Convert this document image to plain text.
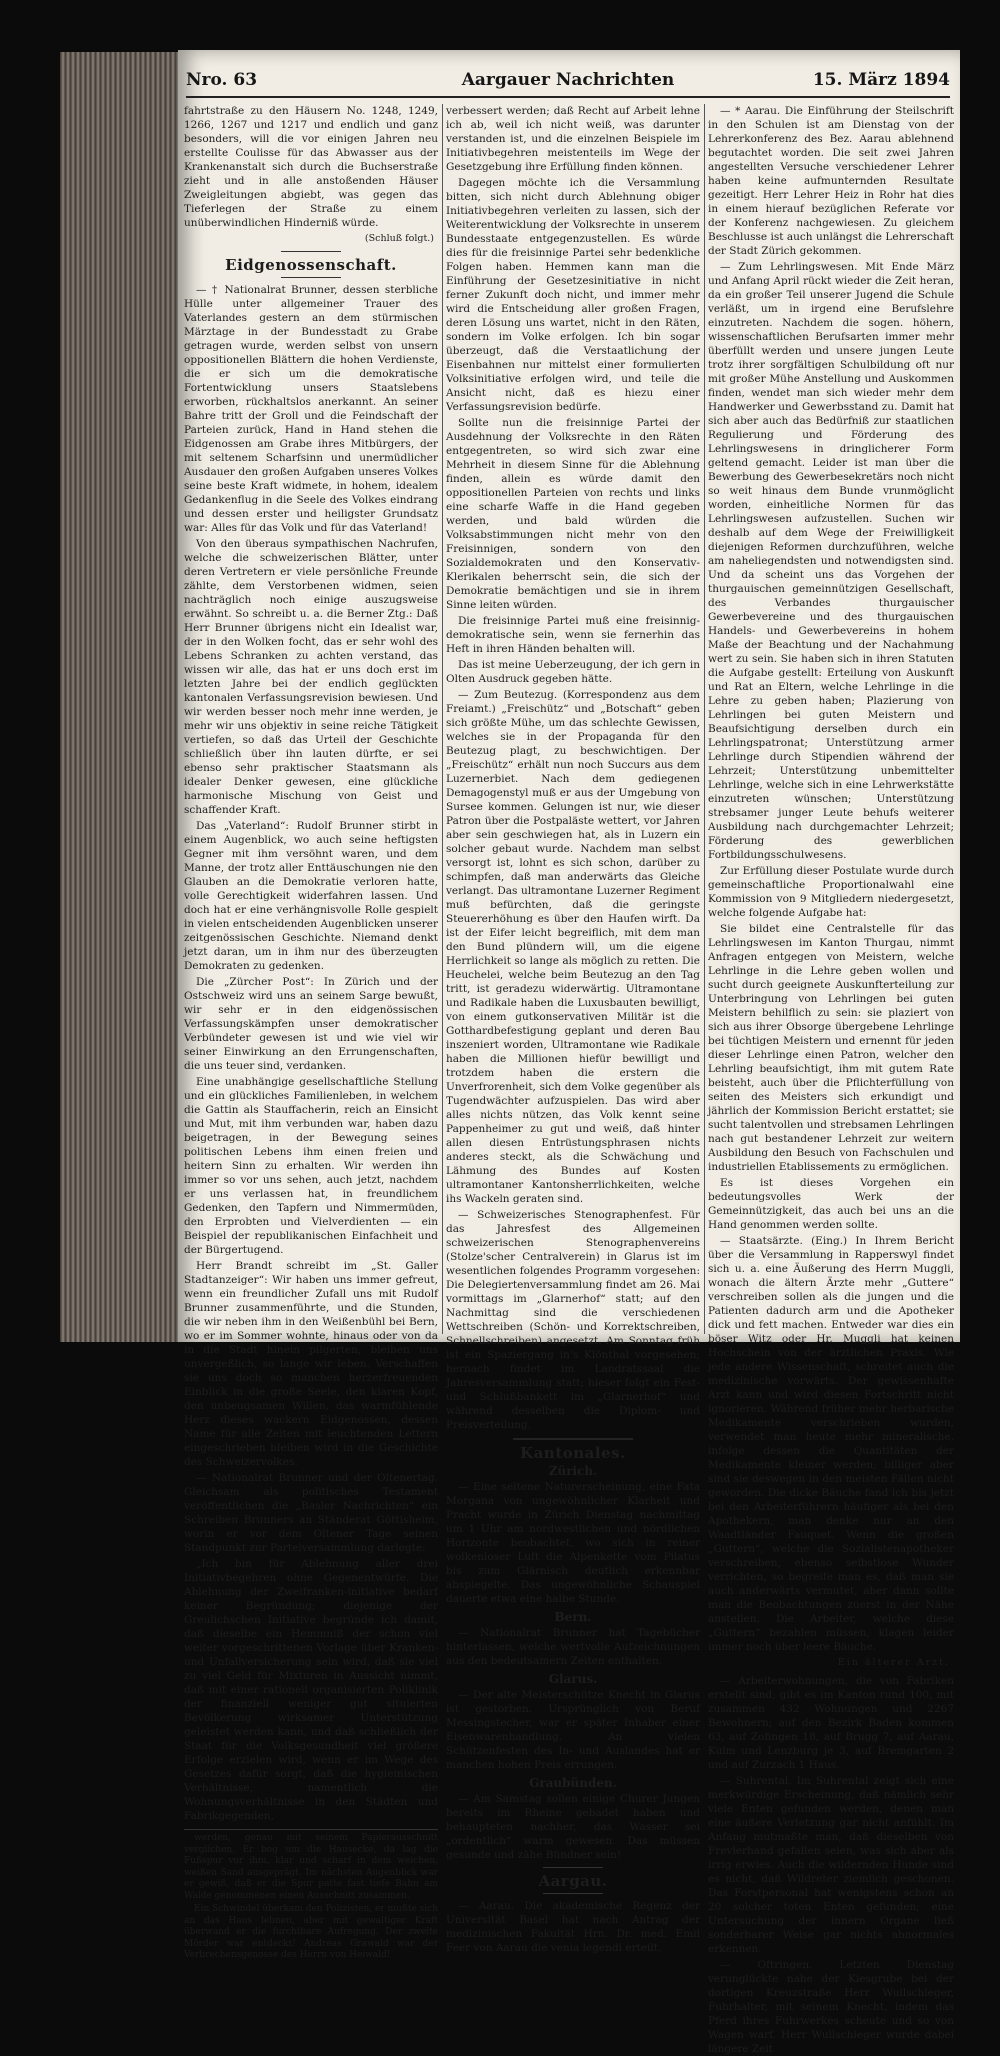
Nro. 63	Aargauer Nachrichten	15. März 1894

fahrtstraße zu den Häusern No. 1248, 1249, 1266, 1267 und 1217 und endlich und ganz besonders, will die vor einigen Jahren neu erstellte Coulisse für das Abwasser aus der Krankenanstalt sich durch die Buchserstraße zieht und in alle anstoßenden Häuser Zweigleitungen abgiebt, was gegen das Tieferlegen der Straße zu einem unüberwindlichen Hinderniß würde.

(Schluß folgt.)
Eidgenossenschaft.

— † Nationalrat Brunner, dessen sterbliche Hülle unter allgemeiner Trauer des Vaterlandes gestern an dem stürmischen Märztage in der Bundesstadt zu Grabe getragen wurde, werden selbst von unsern oppositionellen Blättern die hohen Verdienste, die er sich um die demokratische Fortentwicklung unsers Staatslebens erworben, rückhaltslos anerkannt. An seiner Bahre tritt der Groll und die Feindschaft der Parteien zurück, Hand in Hand stehen die Eidgenossen am Grabe ihres Mitbürgers, der mit seltenem Scharfsinn und unermüdlicher Ausdauer den großen Aufgaben unseres Volkes seine beste Kraft widmete, in hohem, idealem Gedankenflug in die Seele des Volkes eindrang und dessen erster und heiligster Grundsatz war: Alles für das Volk und für das Vaterland!

Von den überaus sympathischen Nachrufen, welche die schweizerischen Blätter, unter deren Vertretern er viele persönliche Freunde zählte, dem Verstorbenen widmen, seien nachträglich noch einige auszugsweise erwähnt. So schreibt u. a. die Berner Ztg.: Daß Herr Brunner übrigens nicht ein Idealist war, der in den Wolken focht, das er sehr wohl des Lebens Schranken zu achten verstand, das wissen wir alle, das hat er uns doch erst im letzten Jahre bei der endlich geglückten kantonalen Verfassungsrevision bewiesen. Und wir werden besser noch mehr inne werden, je mehr wir uns objektiv in seine reiche Tätigkeit vertiefen, so daß das Urteil der Geschichte schließlich über ihn lauten dürfte, er sei ebenso sehr praktischer Staatsmann als idealer Denker gewesen, eine glückliche harmonische Mischung von Geist und schaffender Kraft.

Das „Vaterland“: Rudolf Brunner stirbt in einem Augenblick, wo auch seine heftigsten Gegner mit ihm versöhnt waren, und dem Manne, der trotz aller Enttäuschungen nie den Glauben an die Demokratie verloren hatte, volle Gerechtigkeit widerfahren lassen. Und doch hat er eine verhängnisvolle Rolle gespielt in vielen entscheidenden Augenblicken unserer zeitgenössischen Geschichte. Niemand denkt jetzt daran, um in ihm nur des überzeugten Demokraten zu gedenken.

Die „Zürcher Post“: In Zürich und der Ostschweiz wird uns an seinem Sarge bewußt, wir sehr er in den eidgenössischen Verfassungskämpfen unser demokratischer Verbündeter gewesen ist und wie viel wir seiner Einwirkung an den Errungenschaften, die uns teuer sind, verdanken.

Eine unabhängige gesellschaftliche Stellung und ein glückliches Familienleben, in welchem die Gattin als Stauffacherin, reich an Einsicht und Mut, mit ihm verbunden war, haben dazu beigetragen, in der Bewegung seines politischen Lebens ihm einen freien und heitern Sinn zu erhalten. Wir werden ihn immer so vor uns sehen, auch jetzt, nachdem er uns verlassen hat, in freundlichem Gedenken, den Tapfern und Nimmermüden, den Erprobten und Vielverdienten — ein Beispiel der republikanischen Einfachheit und der Bürgertugend.

Herr Brandt schreibt im „St. Galler Stadtanzeiger“: Wir haben uns immer gefreut, wenn ein freundlicher Zufall uns mit Rudolf Brunner zusammenführte, und die Stunden, die wir neben ihm in den Weißenbühl bei Bern, wo er im Sommer wohnte, hinaus oder von da in die Stadt hinein pilgerten, bleiben uns unvergeßlich, so lange wir leben. Verschaffen sie uns doch so manchen herzerfreuenden Einblick in die große Seele, den klaren Kopf, den unbeugsamen Willen, das warmfühlende Herz dieses wackern Eidgenossen, dessen Name für alle Zeiten mit leuchtenden Lettern eingeschrieben bleiben wird in die Geschichte des Schweizervolkes.

— Nationalrat Brunner und der Oltenertag. Gleichsam als politisches Testament veröffentlichen die „Basler Nachrichten“ ein Schreiben Brunners an Ständerat Göttisheim, worin er vor dem Oltener Tage seinen Standpunkt zur Parteiversammlung darlegte:

„Ich bin für Ablehnung aller drei Initiativbegehren ohne Gegenentwürfe. Die Ablehnung der Zweifranken-initiative bedarf keiner Begründung; diejenige der Greulichschen Initiative begründe ich damit, daß dieselbe ein Hemmniß der schon viel weiter vorgeschrittenen Vorlage über Kranken- und Unfallversicherung sein wird, daß sie viel zu viel Geld für Mixturen in Aussicht nimmt, daß mit einer rationell organisierten Poliklinik der finanziell weniger gut situierten Bevölkerung wirksamer Unterstützung geleistet werden kann, und daß schließlich der Staat für die Volksgesundheit viel größere Erfolge erzielen wird, wenn er im Wege des Gesetzes dafür sorgt, daß die hygieinischen Verhältnisse, namentlich die Wohnungsverhältnisse in den Städten und Fabrikgegenden,

werden, genau mit seinem Papierausschnitt verglichen. Er bog um die Hausecke, da lag die Fußspur vor ihm, klar und scharf in dem weichen, weißen Sand ausgeprägt. Im nächsten Augenblick war er gewiß, daß er die Spur patte fast tiefe Bahn am Walde genommenen einen Ausschnitt zusammen.

Ein Schwindel überkam den Polizisten, er mußte sich an das Haus lehnen, aber mit gewaltiger Kraft überwand er die furchtbare Aufregung. Der zweite Mörder war entdeckt! Andreas Grawald war der Verbrechensgenosse des Herrn von Heiwald!

verbessert werden; daß Recht auf Arbeit lehne ich ab, weil ich nicht weiß, was darunter verstanden ist, und die einzelnen Beispiele im Initiativbegehren meistenteils im Wege der Gesetzgebung ihre Erfüllung finden können.

Dagegen möchte ich die Versammlung bitten, sich nicht durch Ablehnung obiger Initiativbegehren verleiten zu lassen, sich der Weiterentwicklung der Volksrechte in unserem Bundesstaate entgegenzustellen. Es würde dies für die freisinnige Partei sehr bedenkliche Folgen haben. Hemmen kann man die Einführung der Gesetzesinitiative in nicht ferner Zukunft doch nicht, und immer mehr wird die Entscheidung aller großen Fragen, deren Lösung uns wartet, nicht in den Räten, sondern im Volke erfolgen. Ich bin sogar überzeugt, daß die Verstaatlichung der Eisenbahnen nur mittelst einer formulierten Volksinitiative erfolgen wird, und teile die Ansicht nicht, daß es hiezu einer Verfassungsrevision bedürfe.

Sollte nun die freisinnige Partei der Ausdehnung der Volksrechte in den Räten entgegentreten, so wird sich zwar eine Mehrheit in diesem Sinne für die Ablehnung finden, allein es würde damit den oppositionellen Parteien von rechts und links eine scharfe Waffe in die Hand gegeben werden, und bald würden die Volksabstimmungen nicht mehr von den Freisinnigen, sondern von den Sozialdemokraten und den Konservativ-Klerikalen beherrscht sein, die sich der Demokratie bemächtigen und sie in ihrem Sinne leiten würden.

Die freisinnige Partei muß eine freisinnig-demokratische sein, wenn sie fernerhin das Heft in ihren Händen behalten will.

Das ist meine Ueberzeugung, der ich gern in Olten Ausdruck gegeben hätte.

— Zum Beutezug. (Korrespondenz aus dem Freiamt.) „Freischütz“ und „Botschaft“ geben sich größte Mühe, um das schlechte Gewissen, welches sie in der Propaganda für den Beutezug plagt, zu beschwichtigen. Der „Freischütz“ erhält nun noch Succurs aus dem Luzernerbiet. Nach dem gediegenen Demagogenstyl muß er aus der Umgebung von Sursee kommen. Gelungen ist nur, wie dieser Patron über die Postpaläste wettert, vor Jahren aber sein geschwiegen hat, als in Luzern ein solcher gebaut wurde. Nachdem man selbst versorgt ist, lohnt es sich schon, darüber zu schimpfen, daß man anderwärts das Gleiche verlangt. Das ultramontane Luzerner Regiment muß befürchten, daß die geringste Steuererhöhung es über den Haufen wirft. Da ist der Eifer leicht begreiflich, mit dem man den Bund plündern will, um die eigene Herrlichkeit so lange als möglich zu retten. Die Heuchelei, welche beim Beutezug an den Tag tritt, ist geradezu widerwärtig. Ultramontane und Radikale haben die Luxusbauten bewilligt, von einem gutkonservativen Militär ist die Gotthardbefestigung geplant und deren Bau inszeniert worden, Ultramontane wie Radikale haben die Millionen hiefür bewilligt und trotzdem haben die erstern die Unverfrorenheit, sich dem Volke gegenüber als Tugendwächter aufzuspielen. Das wird aber alles nichts nützen, das Volk kennt seine Pappenheimer zu gut und weiß, daß hinter allen diesen Entrüstungsphrasen nichts anderes steckt, als die Schwächung und Lähmung des Bundes auf Kosten ultramontaner Kantonsherrlichkeiten, welche ihs Wackeln geraten sind.

— Schweizerisches Stenographenfest. Für das Jahresfest des Allgemeinen schweizerischen Stenographenvereins (Stolze'scher Centralverein) in Glarus ist im wesentlichen folgendes Programm vorgesehen: Die Delegiertenversammlung findet am 26. Mai vormittags im „Glarnerhof“ statt; auf den Nachmittag sind die verschiedenen Wettschreiben (Schön- und Korrektschreiben, Schnellschreiben) angesetzt. Am Sonntag früh ist ein Spaziergang in's Klönthal vorgesehen; hernach findet im Landratssaal die Jahresversammlung statt; hieser folgt ein Fest- und Schlußbankett im „Glarnerhof“ und während desselben die Diplom- und Preisverteilung.

Kantonales.
Zürich.

— Eine seltene Naturerscheinung, eine Fata Morgana von ungewöhnlicher Klarheit und Pracht wurde in Zürich Dienstag nachmittag um 1 Uhr am nordwestlichen und nördlichen Horizonte beobachtet, wo sich in reiner wolkenloser Luft die Alpenkette vom Pilatus bis zum Glärnisch deutlich erkennbar abspiegelte. Das ungewöhnliche Schauspiel dauerte etwa eine halbe Stunde.

Bern.

— Nationalrat Brunner hat Tagebücher hinterlassen, welche wertvolle Aufzeichnungen aus den bedeutsamern Zeiten enthalten.

Glarus.

— Der alte Meisterschütze Knecht in Glarus ist gestorben. Ursprünglich von Beruf Messingstecher, war er später Inhaber einer Eisenwarenhandlung. An vielen Schützenfesten des In- und Auslandes hat er manchen hohen Preis errungen.

Graubünden.

— Am Samstag sollen einige Churer Jungen bereits im Rheine gebadet haben und behaupteten nachher, das Wasser sei „ordentlich“ warm gewesen. Das müssen gesunde und zähe Bündner sein!

Aargau.

— Aarau. Die akademische Regenz der Universität Basel hat nach Antrag der medizinischen Fakultät Hrn. Dr. med. Emil Feer von Aarau die venia legendi erteilt.

— * Aarau. Die Einführung der Steilschrift in den Schulen ist am Dienstag von der Lehrerkonferenz des Bez. Aarau ablehnend begutachtet worden. Die seit zwei Jahren angestellten Versuche verschiedener Lehrer haben keine aufmunternden Resultate gezeitigt. Herr Lehrer Heiz in Rohr hat dies in einem hierauf bezüglichen Referate vor der Konferenz nachgewiesen. Zu gleichem Beschlusse ist auch unlängst die Lehrerschaft der Stadt Zürich gekommen.

— Zum Lehrlingswesen. Mit Ende März und Anfang April rückt wieder die Zeit heran, da ein großer Teil unserer Jugend die Schule verläßt, um in irgend eine Berufslehre einzutreten. Nachdem die sogen. höhern, wissenschaftlichen Berufsarten immer mehr überfüllt werden und unsere jungen Leute trotz ihrer sorgfältigen Schulbildung oft nur mit großer Mühe Anstellung und Auskommen finden, wendet man sich wieder mehr dem Handwerker und Gewerbsstand zu. Damit hat sich aber auch das Bedürfniß zur staatlichen Regulierung und Förderung des Lehrlingswesens in dringlicherer Form geltend gemacht. Leider ist man über die Bewerbung des Gewerbesekretärs noch nicht so weit hinaus dem Bunde vrunmöglicht worden, einheitliche Normen für das Lehrlingswesen aufzustellen. Suchen wir deshalb auf dem Wege der Freiwilligkeit diejenigen Reformen durchzuführen, welche am naheliegendsten und notwendigsten sind. Und da scheint uns das Vorgehen der thurgauischen gemeinnützigen Gesellschaft, des Verbandes thurgauischer Gewerbevereine und des thurgauischen Handels- und Gewerbevereins in hohem Maße der Beachtung und der Nachahmung wert zu sein. Sie haben sich in ihren Statuten die Aufgabe gestellt: Erteilung von Auskunft und Rat an Eltern, welche Lehrlinge in die Lehre zu geben haben; Plazierung von Lehrlingen bei guten Meistern und Beaufsichtigung derselben durch ein Lehrlingspatronat; Unterstützung armer Lehrlinge durch Stipendien während der Lehrzeit; Unterstützung unbemittelter Lehrlinge, welche sich in eine Lehrwerkstätte einzutreten wünschen; Unterstützung strebsamer junger Leute behufs weiterer Ausbildung nach durchgemachter Lehrzeit; Förderung des gewerblichen Fortbildungsschulwesens.

Zur Erfüllung dieser Postulate wurde durch gemeinschaftliche Proportionalwahl eine Kommission von 9 Mitgliedern niedergesetzt, welche folgende Aufgabe hat:

Sie bildet eine Centralstelle für das Lehrlingswesen im Kanton Thurgau, nimmt Anfragen entgegen von Meistern, welche Lehrlinge in die Lehre geben wollen und sucht durch geeignete Auskunfterteilung zur Unterbringung von Lehrlingen bei guten Meistern behilflich zu sein: sie plaziert von sich aus ihrer Obsorge übergebene Lehrlinge bei tüchtigen Meistern und ernennt für jeden dieser Lehrlinge einen Patron, welcher den Lehrling beaufsichtigt, ihm mit gutem Rate beisteht, auch über die Pflichterfüllung von seiten des Meisters sich erkundigt und jährlich der Kommission Bericht erstattet; sie sucht talentvollen und strebsamen Lehrlingen nach gut bestandener Lehrzeit zur weitern Ausbildung den Besuch von Fachschulen und industriellen Etablissements zu ermöglichen.

Es ist dieses Vorgehen ein bedeutungsvolles Werk der Gemeinnützigkeit, das auch bei uns an die Hand genommen werden sollte.

— Staatsärzte. (Eing.) In Ihrem Bericht über die Versammlung in Rapperswyl findet sich u. a. eine Äußerung des Herrn Muggli, wonach die ältern Ärzte mehr „Guttere“ verschreiben sollen als die jungen und die Patienten dadurch arm und die Apotheker dick und fett machen. Entweder war dies ein böser Witz oder Hr. Muggli hat keinen Hochschein von der ärztlichen Praxis. Wie jede andere Wissenschaft, schreitet auch die medizinische vorwärts. Der gewissenhafte Arzt kann und wird diesen Fortschritt nicht ignorieren. Während früher mehr herbarische Medikamente verschrieben wurden, verwendet man heute mehr mineralische, infolge dessen die Quantitäten der Medikamente kleiner werden; billiger aber sind sie deswegen in den meisten Fällen nicht geworden. Die dicke Bäuche fand ich bis jetzt bei den Arbeiterführern häufiger als bei den Apothekern, man denke nur an den Waadtländer Fauquet. Wenn die großen „Guttern“, welche die Sozialistenapotheker verschreiben, ebenso selbstlose Wunder verrichten, so begreife man es, daß man sie auch anderwärts vermutet, aber dann sollte man die Beobachtungen zuerst in der Nähe anstellen. Die Arbeiter, welche diese „Guttern“ bezahlen müssen, klagen leider immer noch über leere Bäuche.

Ein älterer Arzt.

— Arbeiterwohnungen, die von Fabriken erstellt sind, gibt es im Kanton rund 100, mit zusammen 432 Wohnungen und 2267 Bewohnern; auf den Bezirk Baden kommen 63, auf Zofingen 18, auf Brugg 7, auf Aarau, Kulm und Lenzburg je 3, auf Bremgarten 2 und auf Zurzach 1 Haus.

— Suhrental. Im Suhrental zeigt sich eine merkwürdige Erscheinung, daß nämlich sehr viele Enten gefunden werden, denen man eine äußere Verletzung gar nicht anfühlt. Im Anfang mutmaßte man, daß dieselben von Frevlerhand gefallen seien, was sich aber als irrig erwies. Auch die wildernden Hunde sind es nicht, daß Wildreter ziemlich geschonen. Das Forstpersonal hat wenigstens schon an 20 solcher toten Enten gefunden; eine Untersuchung der innern Organe ließ sonderbarer Weise gar nichts abnormales erkennen.

— Oftringen. Letzten Dienstag verunglückte nahe der Kiesgrube bei der dortigen Kreuzstraße Herr Wullschleger, Fuhrhalter, mit seinem Knecht, indem das Pferd ihres Fuhrwerkes scheute und so von Wagen warf. Herr Wullschleger wurde dabei längere Zeit
